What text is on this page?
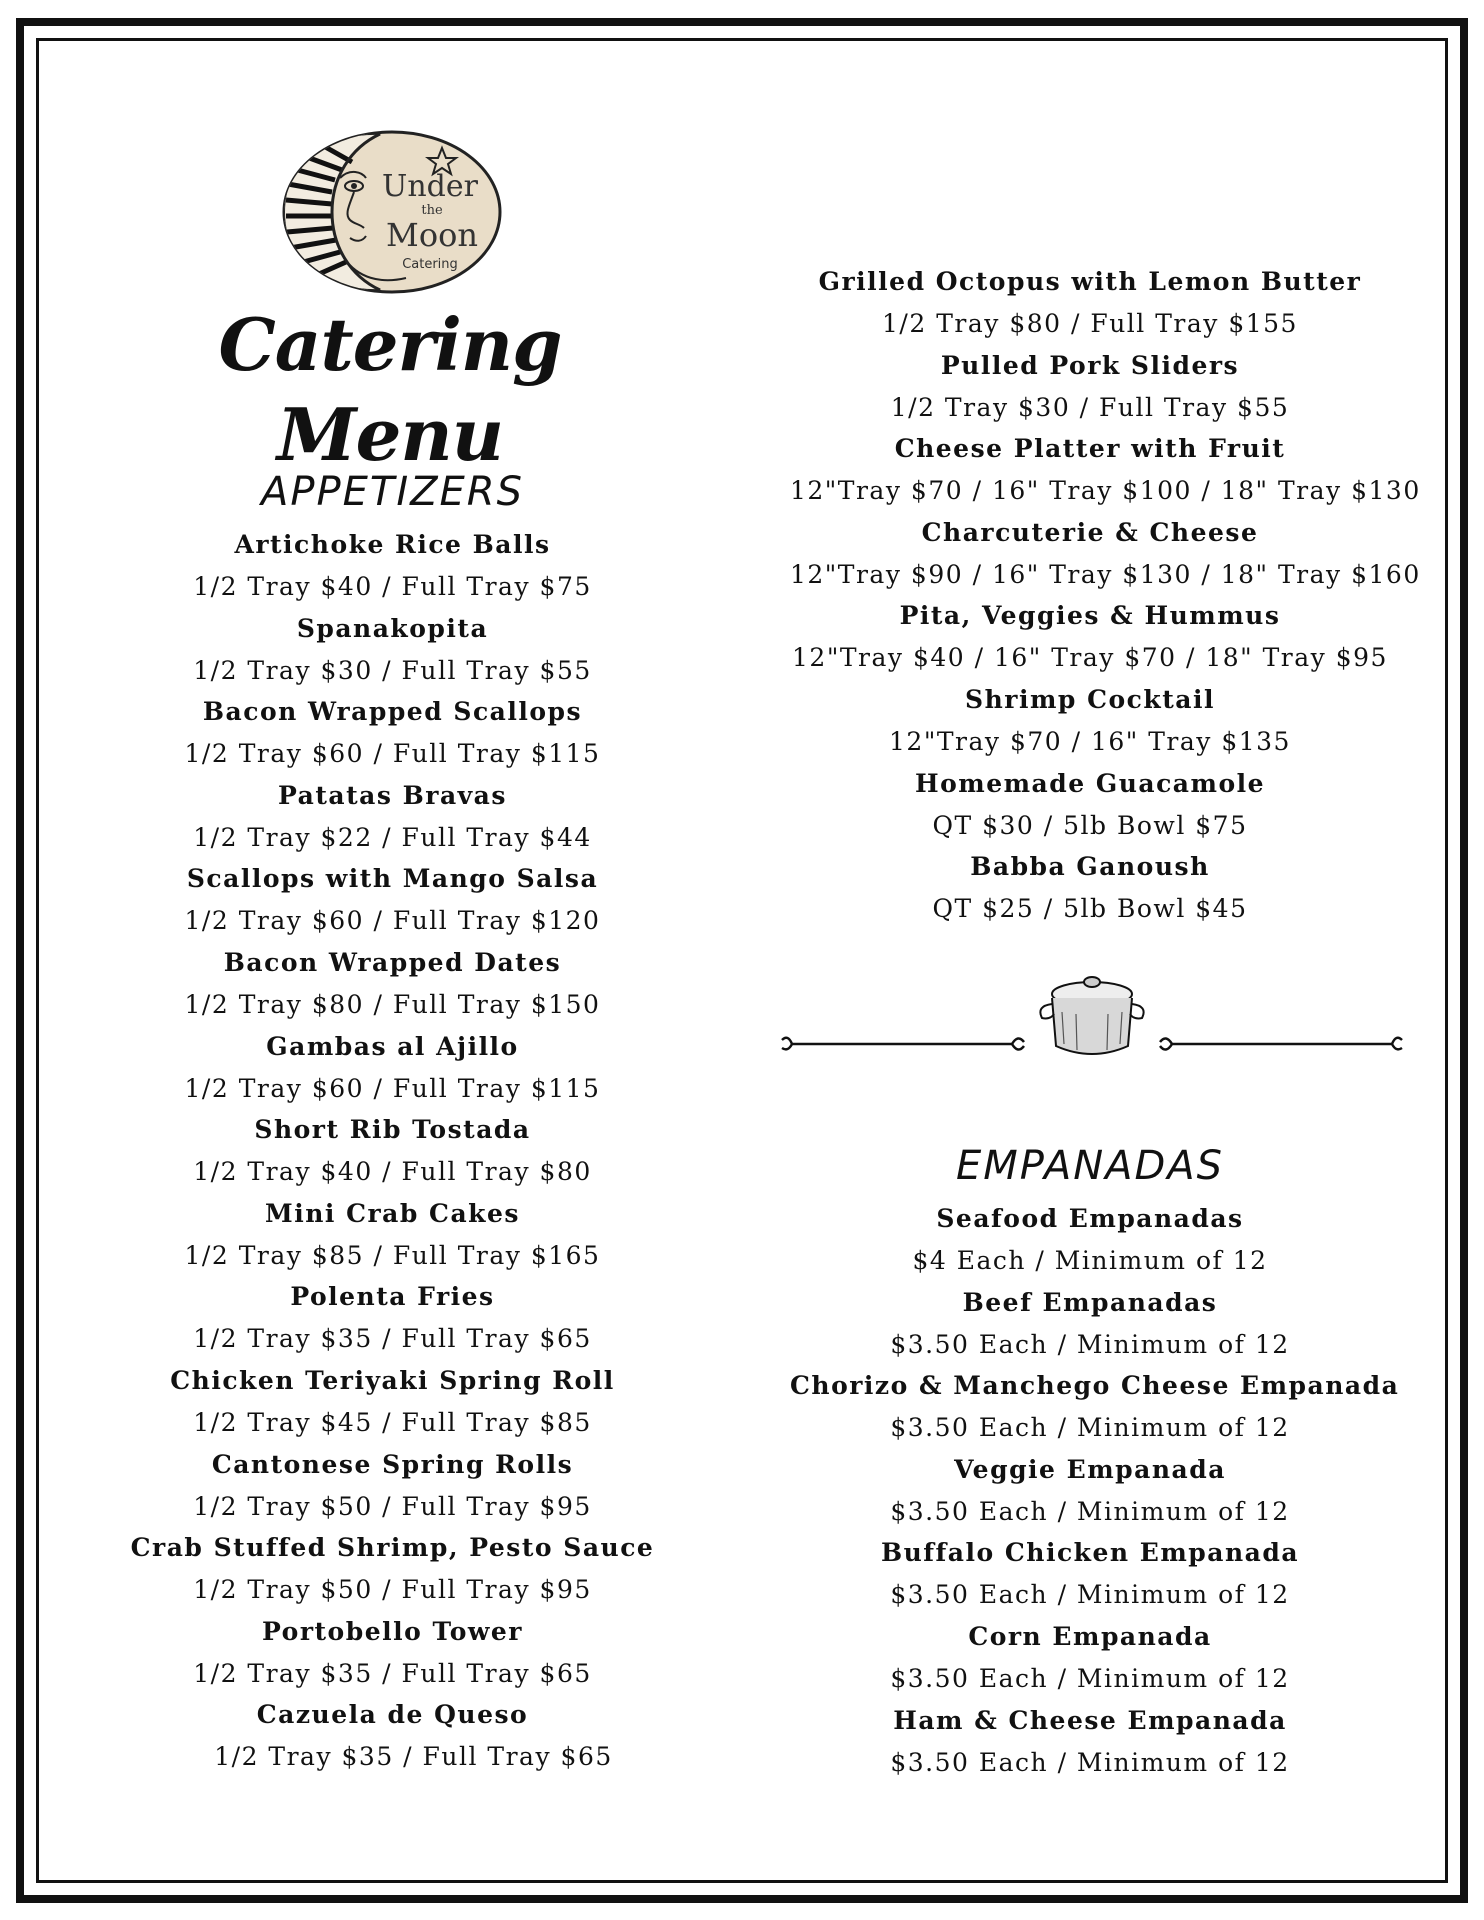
Under
the
Moon
Catering
Catering Menu
APPETIZERS
Artichoke Rice Balls
1/2 Tray $40 / Full Tray $75
Spanakopita
1/2 Tray $30 / Full Tray $55
Bacon Wrapped Scallops
1/2 Tray $60 / Full Tray $115
Patatas Bravas
1/2 Tray $22 / Full Tray $44
Scallops with Mango Salsa
1/2 Tray $60 / Full Tray $120
Bacon Wrapped Dates
1/2 Tray $80 / Full Tray $150
Gambas al Ajillo
1/2 Tray $60 / Full Tray $115
Short Rib Tostada
1/2 Tray $40 / Full Tray $80
Mini Crab Cakes
1/2 Tray $85 / Full Tray $165
Polenta Fries
1/2 Tray $35 / Full Tray $65
Chicken Teriyaki Spring Roll
1/2 Tray $45 / Full Tray $85
Cantonese Spring Rolls
1/2 Tray $50 / Full Tray $95
Crab Stuffed Shrimp, Pesto Sauce
1/2 Tray $50 / Full Tray $95
Portobello Tower
1/2 Tray $35 / Full Tray $65
Cazuela de Queso
1/2 Tray $35 / Full Tray $65
Grilled Octopus with Lemon Butter
1/2 Tray $80 / Full Tray $155
Pulled Pork Sliders
1/2 Tray $30 / Full Tray $55
Cheese Platter with Fruit
12"Tray $70 / 16" Tray $100 / 18" Tray $130
Charcuterie & Cheese
12"Tray $90 / 16" Tray $130 / 18" Tray $160
Pita, Veggies & Hummus
12"Tray $40 / 16" Tray $70 / 18" Tray $95
Shrimp Cocktail
12"Tray $70 / 16" Tray $135
Homemade Guacamole
QT $30 / 5lb Bowl $75
Babba Ganoush
QT $25 / 5lb Bowl $45
EMPANADAS
Seafood Empanadas
$4 Each / Minimum of 12
Beef Empanadas
$3.50 Each / Minimum of 12
Chorizo & Manchego Cheese Empanada
$3.50 Each / Minimum of 12
Veggie Empanada
$3.50 Each / Minimum of 12
Buffalo Chicken Empanada
$3.50 Each / Minimum of 12
Corn Empanada
$3.50 Each / Minimum of 12
Ham & Cheese Empanada
$3.50 Each / Minimum of 12
